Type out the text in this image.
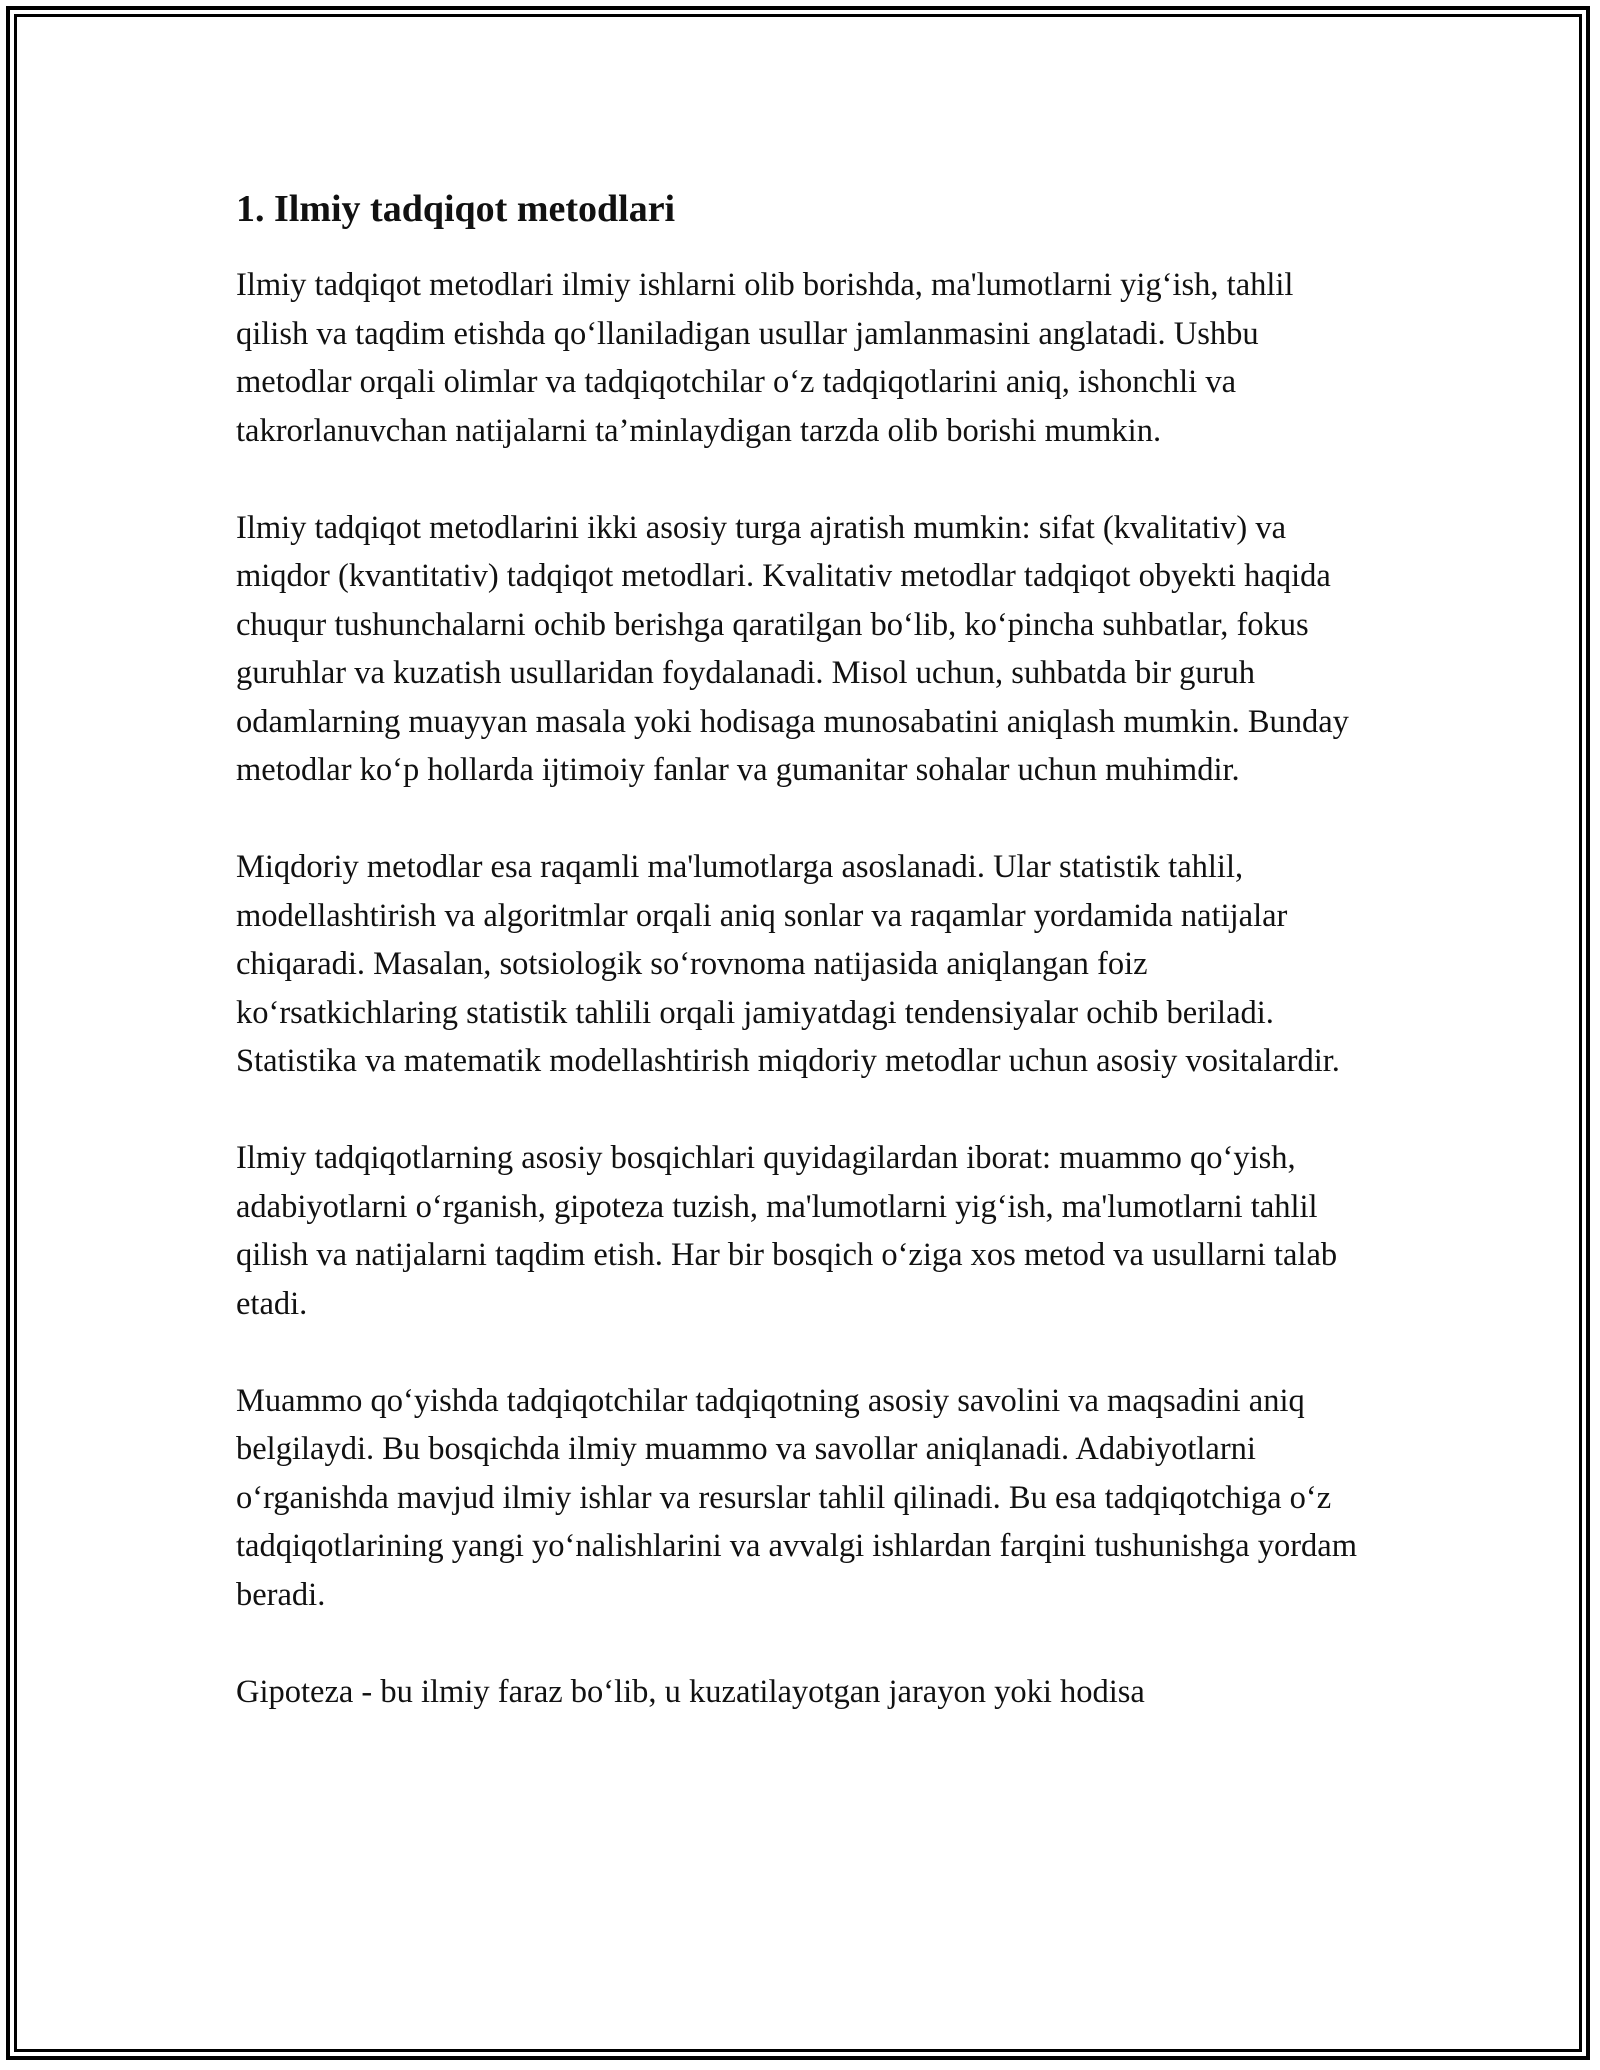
1. Ilmiy tadqiqot metodlari

Ilmiy tadqiqot metodlari ilmiy ishlarni olib borishda, ma'lumotlarni yig‘ish, tahlil qilish va taqdim etishda qo‘llaniladigan usullar jamlanmasini anglatadi. Ushbu metodlar orqali olimlar va tadqiqotchilar o‘z tadqiqotlarini aniq, ishonchli va takrorlanuvchan natijalarni ta’minlaydigan tarzda olib borishi mumkin.

Ilmiy tadqiqot metodlarini ikki asosiy turga ajratish mumkin: sifat (kvalitativ) va miqdor (kvantitativ) tadqiqot metodlari. Kvalitativ metodlar tadqiqot obyekti haqida chuqur tushunchalarni ochib berishga qaratilgan bo‘lib, ko‘pincha suhbatlar, fokus guruhlar va kuzatish usullaridan foydalanadi. Misol uchun, suhbatda bir guruh odamlarning muayyan masala yoki hodisaga munosabatini aniqlash mumkin. Bunday metodlar ko‘p hollarda ijtimoiy fanlar va gumanitar sohalar uchun muhimdir.

Miqdoriy metodlar esa raqamli ma'lumotlarga asoslanadi. Ular statistik tahlil, modellashtirish va algoritmlar orqali aniq sonlar va raqamlar yordamida natijalar chiqaradi. Masalan, sotsiologik so‘rovnoma natijasida aniqlangan foiz ko‘rsatkichlaring statistik tahlili orqali jamiyatdagi tendensiyalar ochib beriladi. Statistika va matematik modellashtirish miqdoriy metodlar uchun asosiy vositalardir.

Ilmiy tadqiqotlarning asosiy bosqichlari quyidagilardan iborat: muammo qo‘yish, adabiyotlarni o‘rganish, gipoteza tuzish, ma'lumotlarni yig‘ish, ma'lumotlarni tahlil qilish va natijalarni taqdim etish. Har bir bosqich o‘ziga xos metod va usullarni talab etadi.

Muammo qo‘yishda tadqiqotchilar tadqiqotning asosiy savolini va maqsadini aniq belgilaydi. Bu bosqichda ilmiy muammo va savollar aniqlanadi. Adabiyotlarni o‘rganishda mavjud ilmiy ishlar va resurslar tahlil qilinadi. Bu esa tadqiqotchiga o‘z tadqiqotlarining yangi yo‘nalishlarini va avvalgi ishlardan farqini tushunishga yordam beradi.

Gipoteza - bu ilmiy faraz bo‘lib, u kuzatilayotgan jarayon yoki hodisa
